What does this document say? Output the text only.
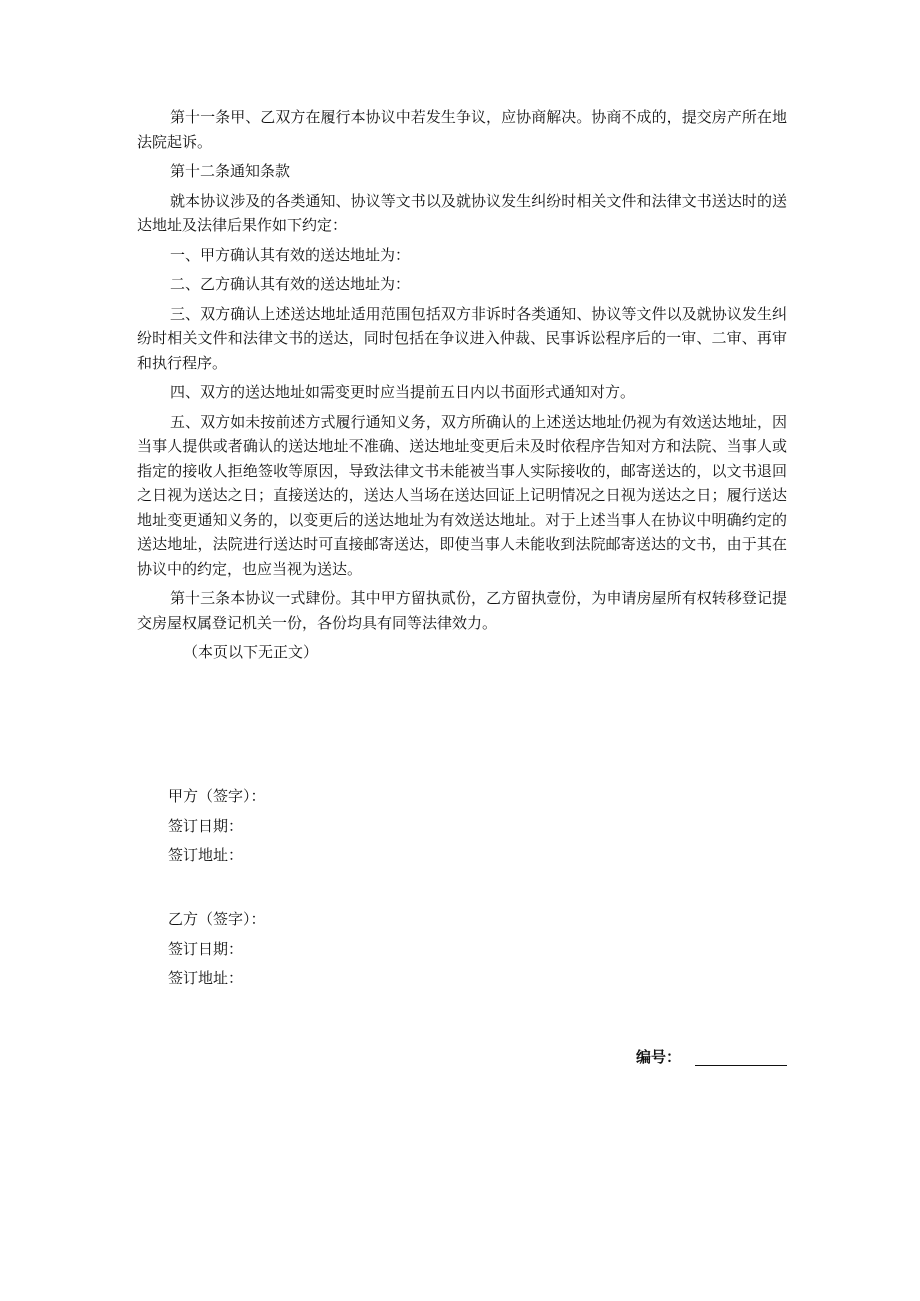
第十一条甲、乙双方在履行本协议中若发生争议，应协商解决。协商不成的，提交房产所在地法院起诉。

第十二条通知条款

就本协议涉及的各类通知、协议等文书以及就协议发生纠纷时相关文件和法律文书送达时的送达地址及法律后果作如下约定：

一、甲方确认其有效的送达地址为：

二、乙方确认其有效的送达地址为：

三、双方确认上述送达地址适用范围包括双方非诉时各类通知、协议等文件以及就协议发生纠纷时相关文件和法律文书的送达，同时包括在争议进入仲裁、民事诉讼程序后的一审、二审、再审和执行程序。

四、双方的送达地址如需变更时应当提前五日内以书面形式通知对方。

五、双方如未按前述方式履行通知义务，双方所确认的上述送达地址仍视为有效送达地址，因当事人提供或者确认的送达地址不准确、送达地址变更后未及时依程序告知对方和法院、当事人或指定的接收人拒绝签收等原因，导致法律文书未能被当事人实际接收的，邮寄送达的，以文书退回之日视为送达之日；直接送达的，送达人当场在送达回证上记明情况之日视为送达之日；履行送达地址变更通知义务的，以变更后的送达地址为有效送达地址。对于上述当事人在协议中明确约定的送达地址，法院进行送达时可直接邮寄送达，即使当事人未能收到法院邮寄送达的文书，由于其在协议中的约定，也应当视为送达。

第十三条本协议一式肆份。其中甲方留执贰份，乙方留执壹份，为申请房屋所有权转移登记提交房屋权属登记机关一份，各份均具有同等法律效力。

（本页以下无正文）

甲方（签字）：
签订日期：
签订地址：
乙方（签字）：
签订日期：
签订地址：
编号：
